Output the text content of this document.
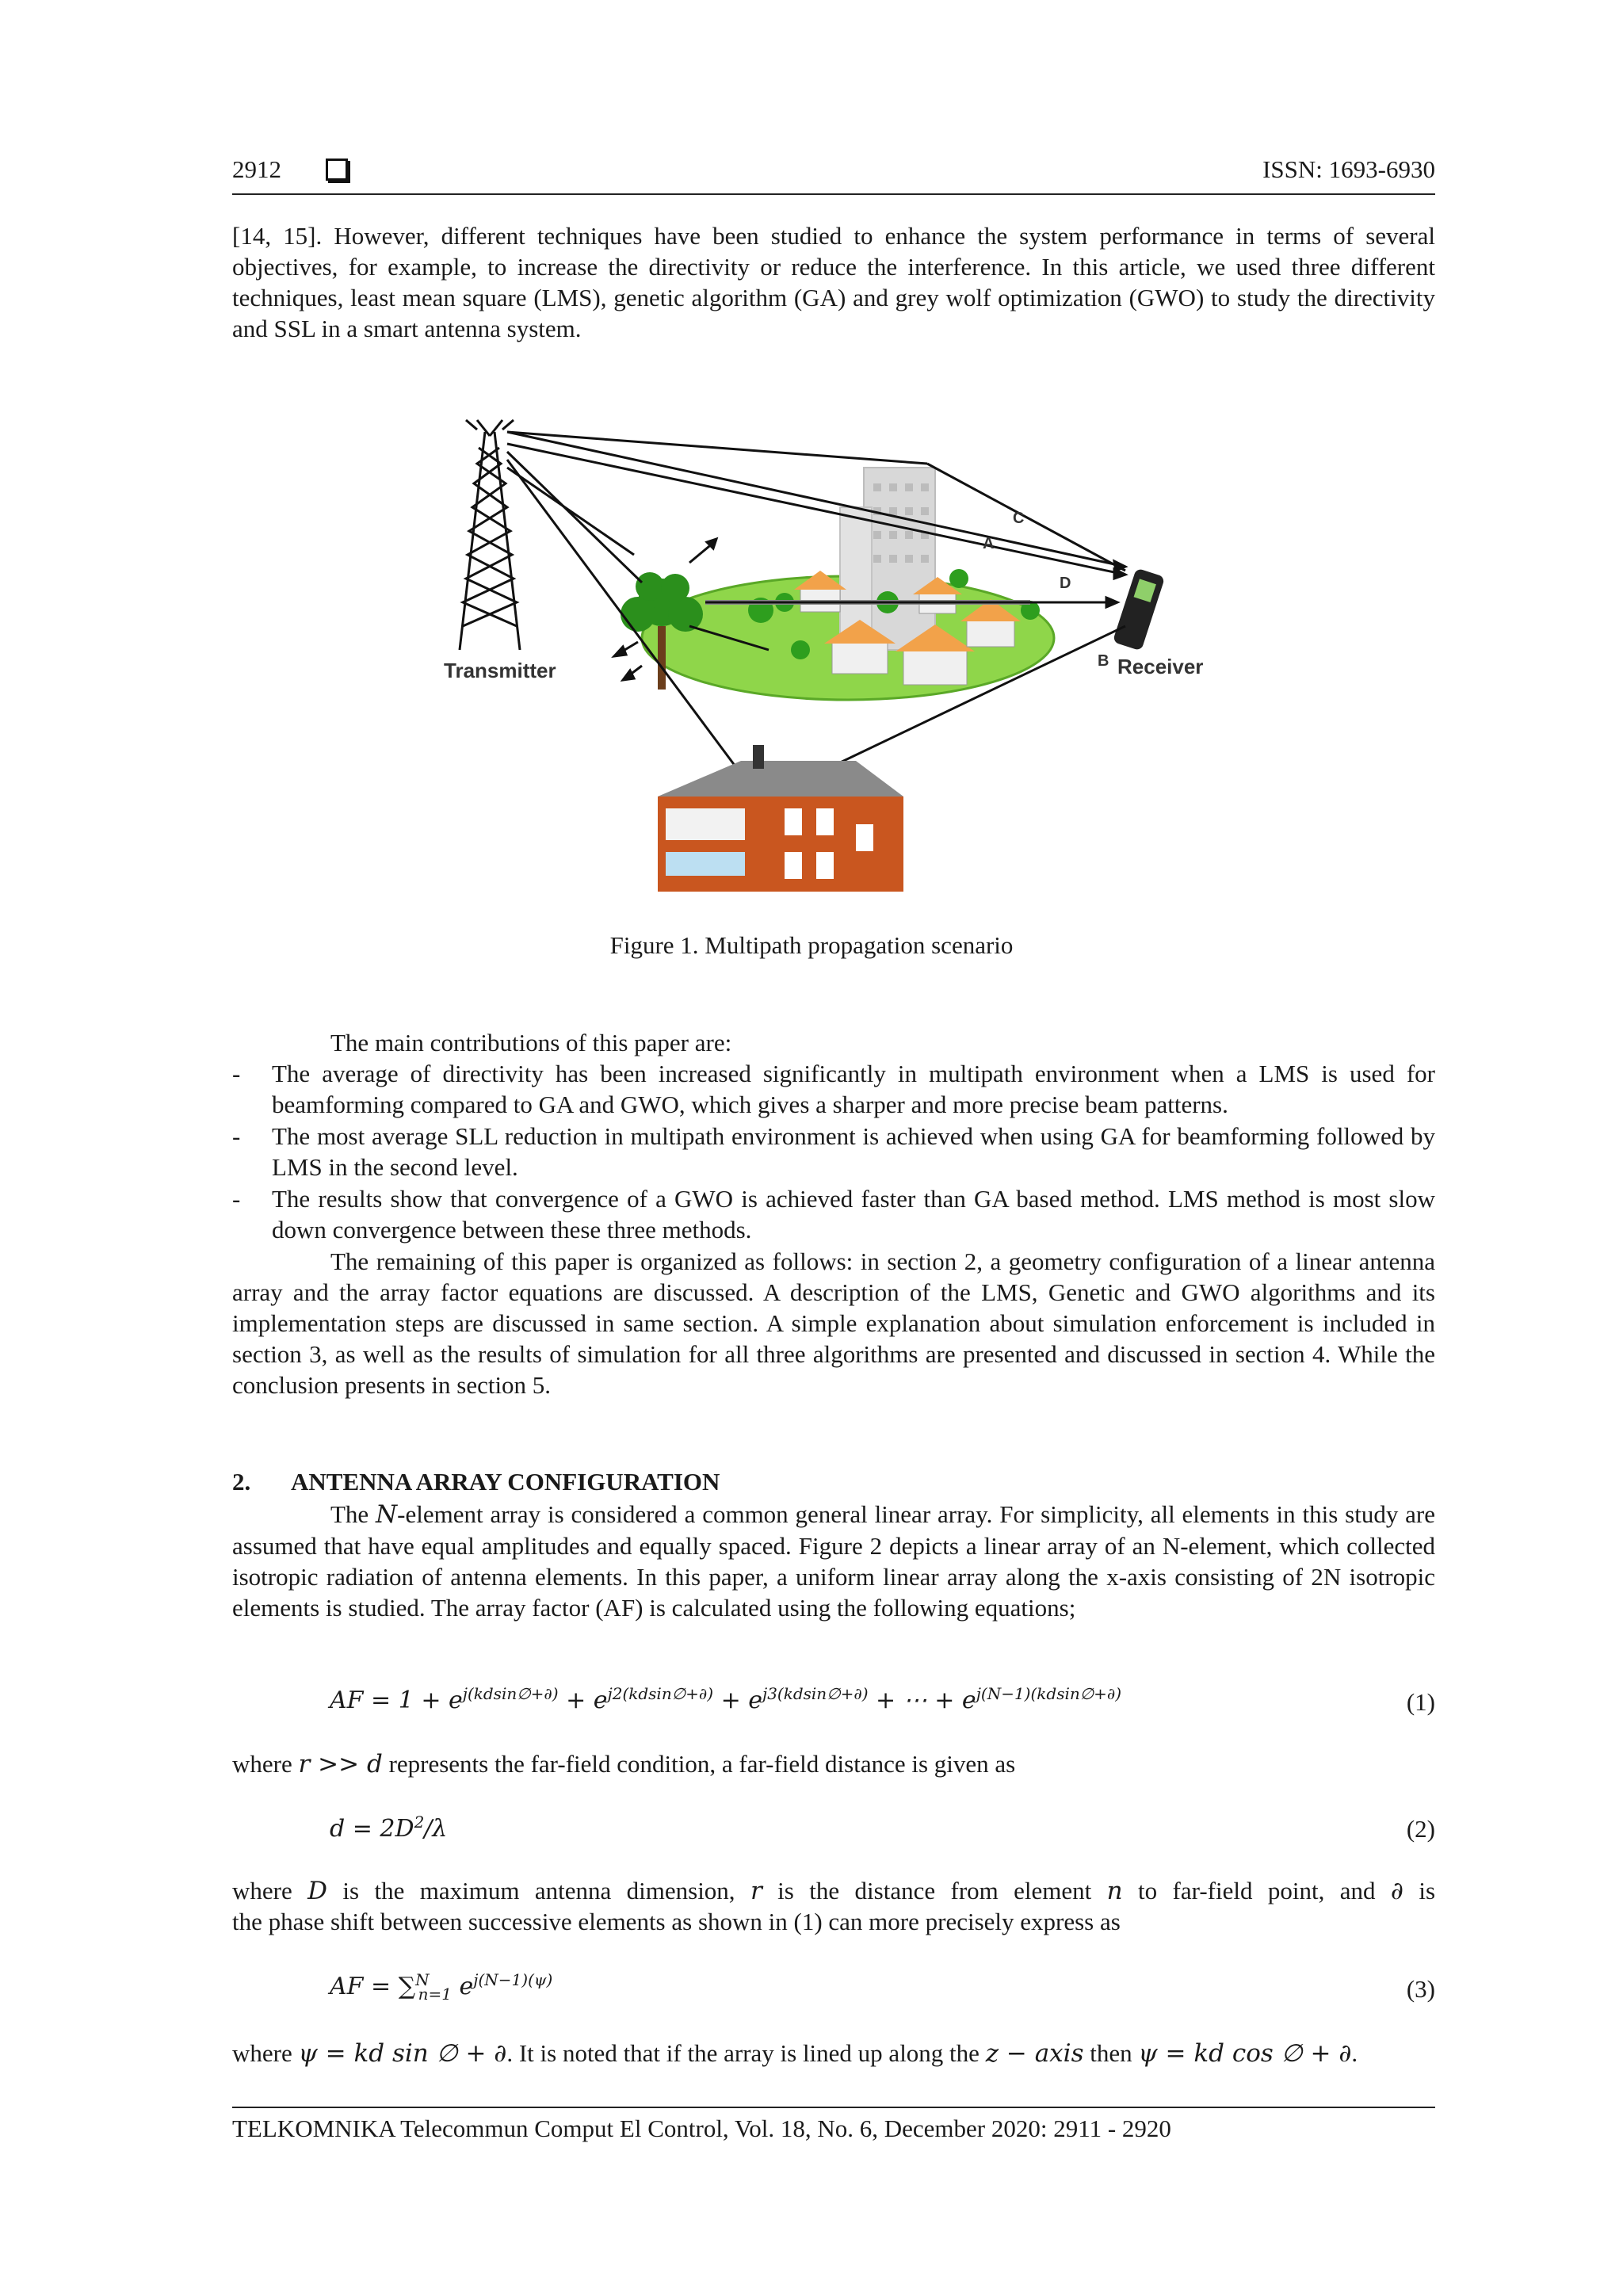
2912	ISSN: 1693-6930

[14, 15]. However, different techniques have been studied to enhance the system performance in terms of several objectives, for example, to increase the directivity or reduce the interference. In this article, we used three different techniques, least mean square (LMS), genetic algorithm (GA) and grey wolf optimization (GWO) to study the directivity and SSL in a smart antenna system.

Transmitter	Receiver
C
A
D
B
Figure 1. Multipath propagation scenario
The main contributions of this paper are:
- The average of directivity has been increased significantly in multipath environment when a LMS is used for beamforming compared to GA and GWO, which gives a sharper and more precise beam patterns.
- The most average SLL reduction in multipath environment is achieved when using GA for beamforming followed by LMS in the second level.
- The results show that convergence of a GWO is achieved faster than GA based method. LMS method is most slow down convergence between these three methods.

The remaining of this paper is organized as follows: in section 2, a geometry configuration of a linear antenna array and the array factor equations are discussed. A description of the LMS, Genetic and GWO algorithms and its implementation steps are discussed in same section. A simple explanation about simulation enforcement is included in section 3, as well as the results of simulation for all three algorithms are presented and discussed in section 4. While the conclusion presents in section 5.

2. ANTENNA ARRAY CONFIGURATION

The N-element array is considered a common general linear array. For simplicity, all elements in this study are assumed that have equal amplitudes and equally spaced. Figure 2 depicts a linear array of an N-element, which collected isotropic radiation of antenna elements. In this paper, a uniform linear array along the x-axis consisting of 2N isotropic elements is studied. The array factor (AF) is calculated using the following equations;

AF = $1 + e^{j(kdsin\emptyset+\partial)} + e^{j2(kdsin\emptyset+\partial)} + e^{j3(kdsin\emptyset+\partial)}$ + ⋯ + $e^{j(N-1)(kdsin\emptyset+\partial)}$	(1)
where r >> d represents the far-field condition, a far-field distance is given as
$d = 2D^2/\lambda$	(2)
where D is the maximum antenna dimension, r is the distance from element n to far-field point, and ∂ is
the phase shift between successive elements as shown in (1) can more precisely express as
AF = ∑$^N_{n=1}$ $e^{j(N-1)(\psi)}$	(3)
where ψ = kd sin ∅ + ∂. It is noted that if the array is lined up along the z − axis then ψ = kd cos ∅ + ∂.
TELKOMNIKA Telecommun Comput El Control, Vol. 18, No. 6, December 2020: 2911 - 2920
